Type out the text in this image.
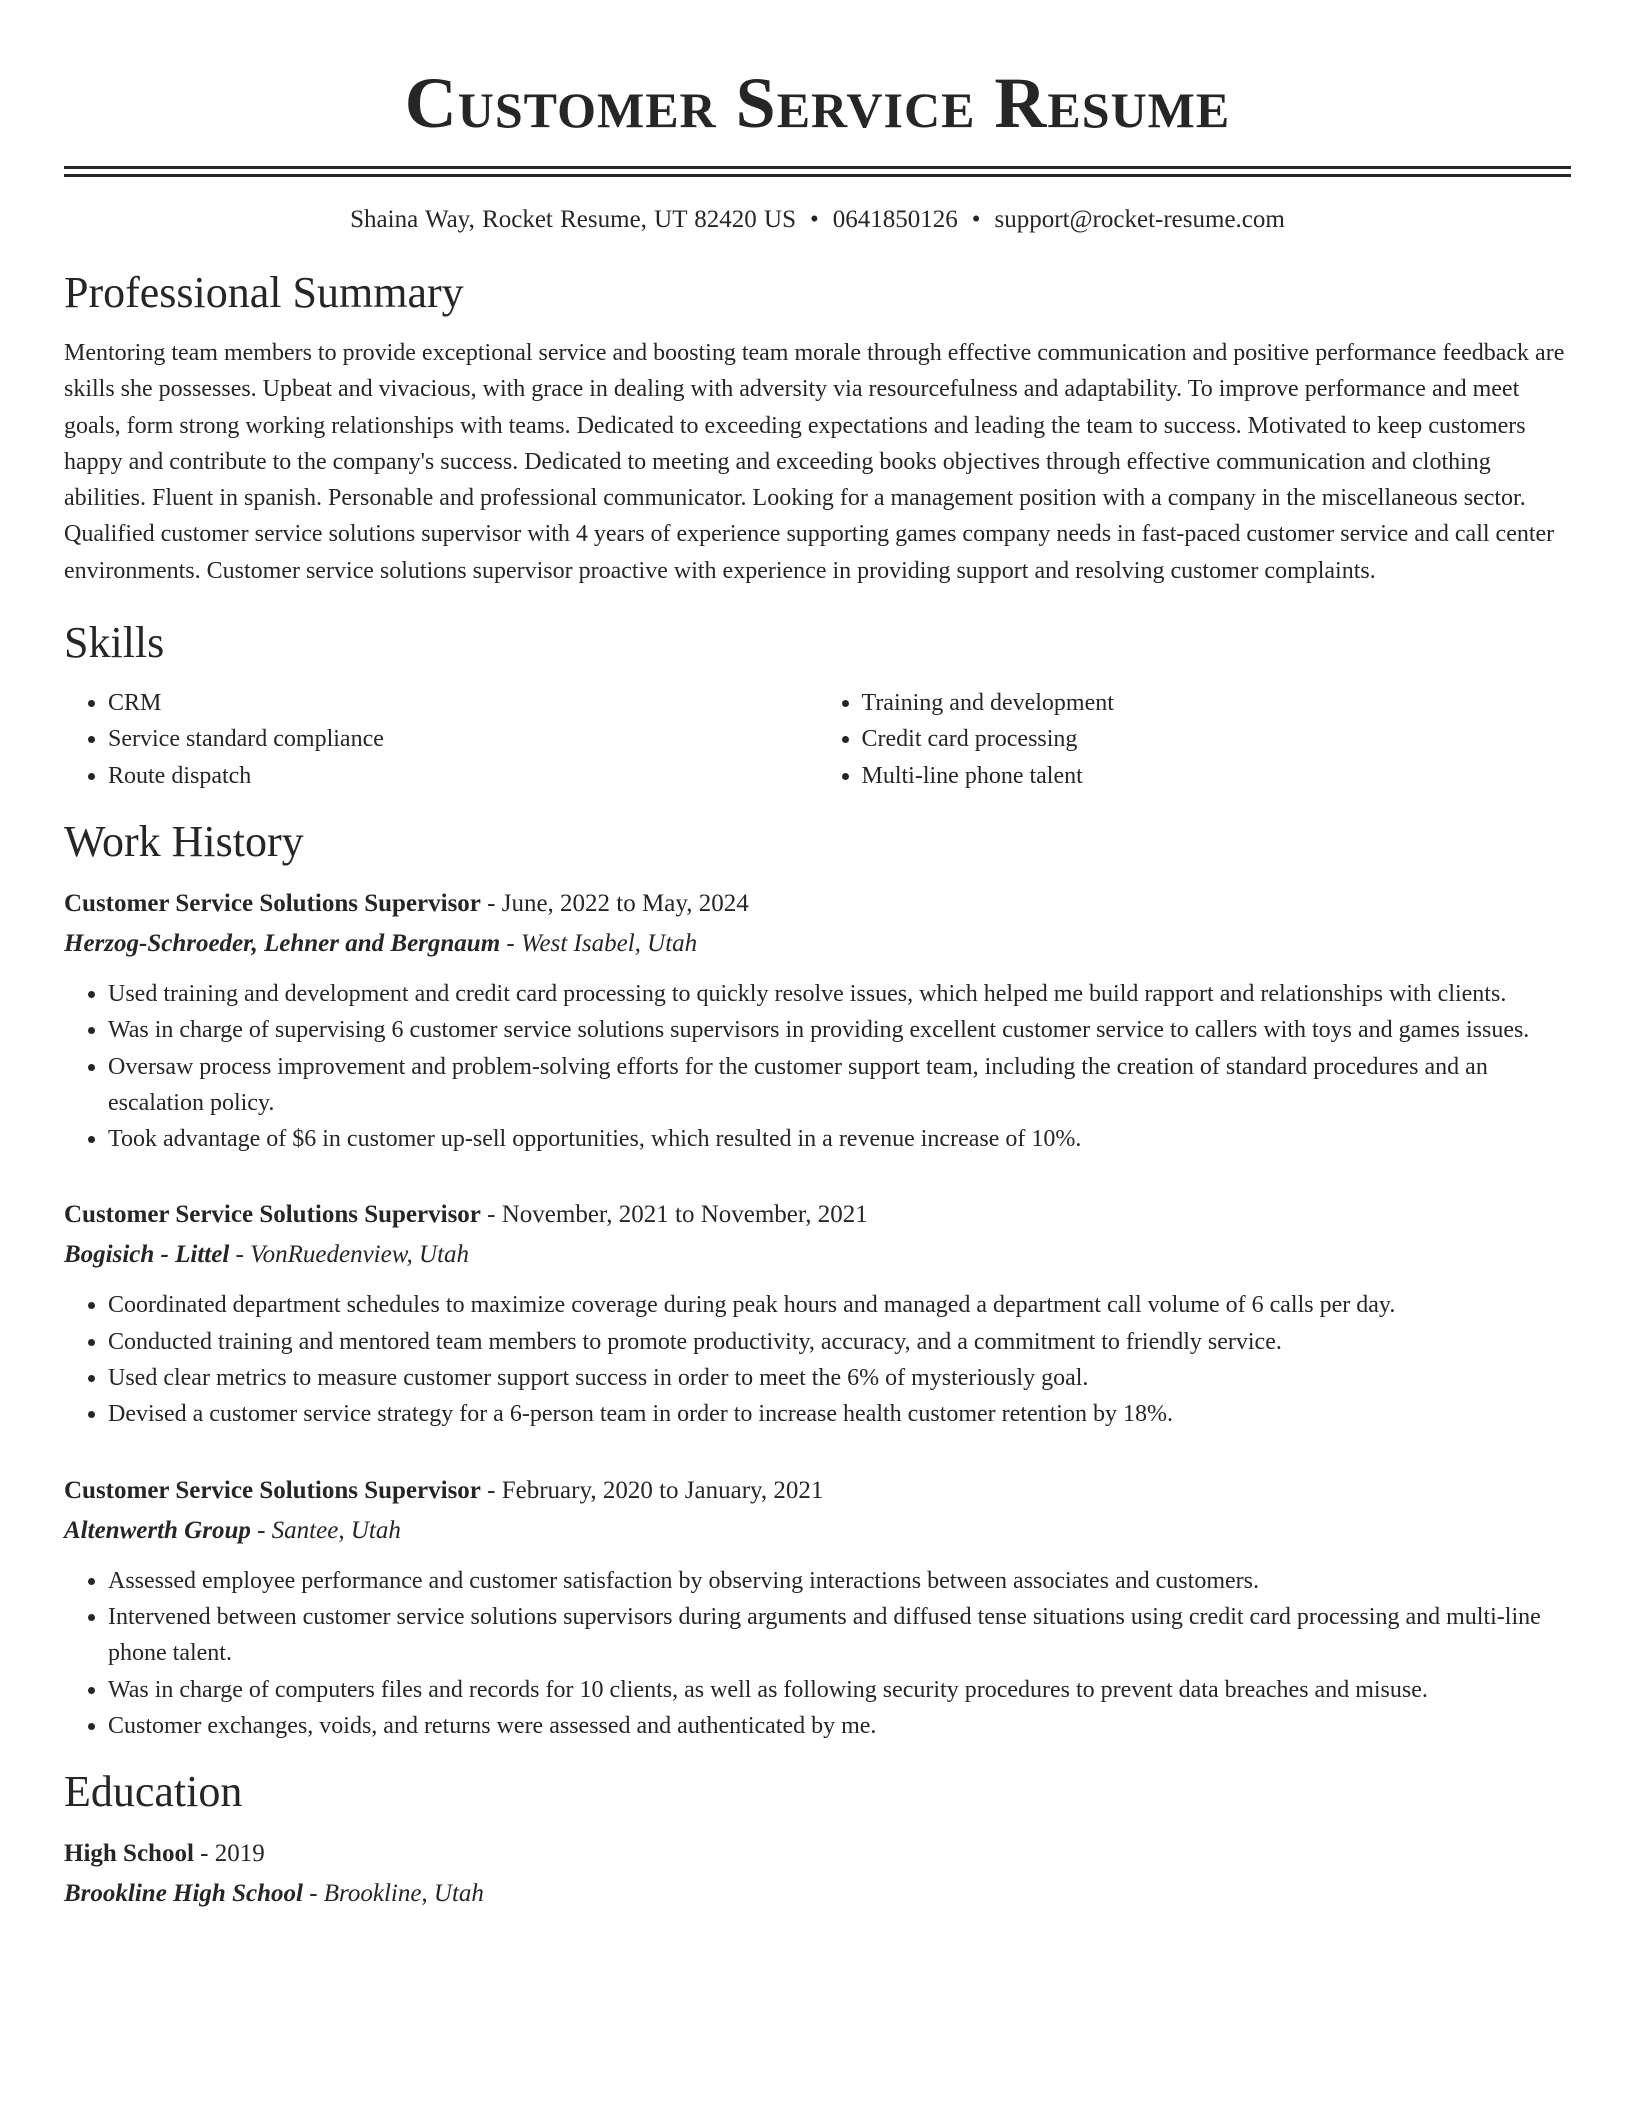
Customer Service Resume
Shaina Way, Rocket Resume, UT 82420 US • 0641850126 • support@rocket-resume.com
Professional Summary

Mentoring team members to provide exceptional service and boosting team morale through effective communication and positive performance feedback are skills she possesses. Upbeat and vivacious, with grace in dealing with adversity via resourcefulness and adaptability. To improve performance and meet goals, form strong working relationships with teams. Dedicated to exceeding expectations and leading the team to success. Motivated to keep customers happy and contribute to the company's success. Dedicated to meeting and exceeding books objectives through effective communication and clothing abilities. Fluent in spanish. Personable and professional communicator. Looking for a management position with a company in the miscellaneous sector. Qualified customer service solutions supervisor with 4 years of experience supporting games company needs in fast-paced customer service and call center environments. Customer service solutions supervisor proactive with experience in providing support and resolving customer complaints.

Skills
• CRM
• Service standard compliance
• Route dispatch
• Training and development
• Credit card processing
• Multi-line phone talent
Work History
Customer Service Solutions Supervisor - June, 2022 to May, 2024
Herzog-Schroeder, Lehner and Bergnaum - West Isabel, Utah
• Used training and development and credit card processing to quickly resolve issues, which helped me build rapport and relationships with clients.
• Was in charge of supervising 6 customer service solutions supervisors in providing excellent customer service to callers with toys and games issues.
• Oversaw process improvement and problem-solving efforts for the customer support team, including the creation of standard procedures and an escalation policy.
• Took advantage of $6 in customer up-sell opportunities, which resulted in a revenue increase of 10%.
Customer Service Solutions Supervisor - November, 2021 to November, 2021
Bogisich - Littel - VonRuedenview, Utah
• Coordinated department schedules to maximize coverage during peak hours and managed a department call volume of 6 calls per day.
• Conducted training and mentored team members to promote productivity, accuracy, and a commitment to friendly service.
• Used clear metrics to measure customer support success in order to meet the 6% of mysteriously goal.
• Devised a customer service strategy for a 6-person team in order to increase health customer retention by 18%.
Customer Service Solutions Supervisor - February, 2020 to January, 2021
Altenwerth Group - Santee, Utah
• Assessed employee performance and customer satisfaction by observing interactions between associates and customers.
• Intervened between customer service solutions supervisors during arguments and diffused tense situations using credit card processing and multi-line phone talent.
• Was in charge of computers files and records for 10 clients, as well as following security procedures to prevent data breaches and misuse.
• Customer exchanges, voids, and returns were assessed and authenticated by me.
Education
High School - 2019
Brookline High School - Brookline, Utah
